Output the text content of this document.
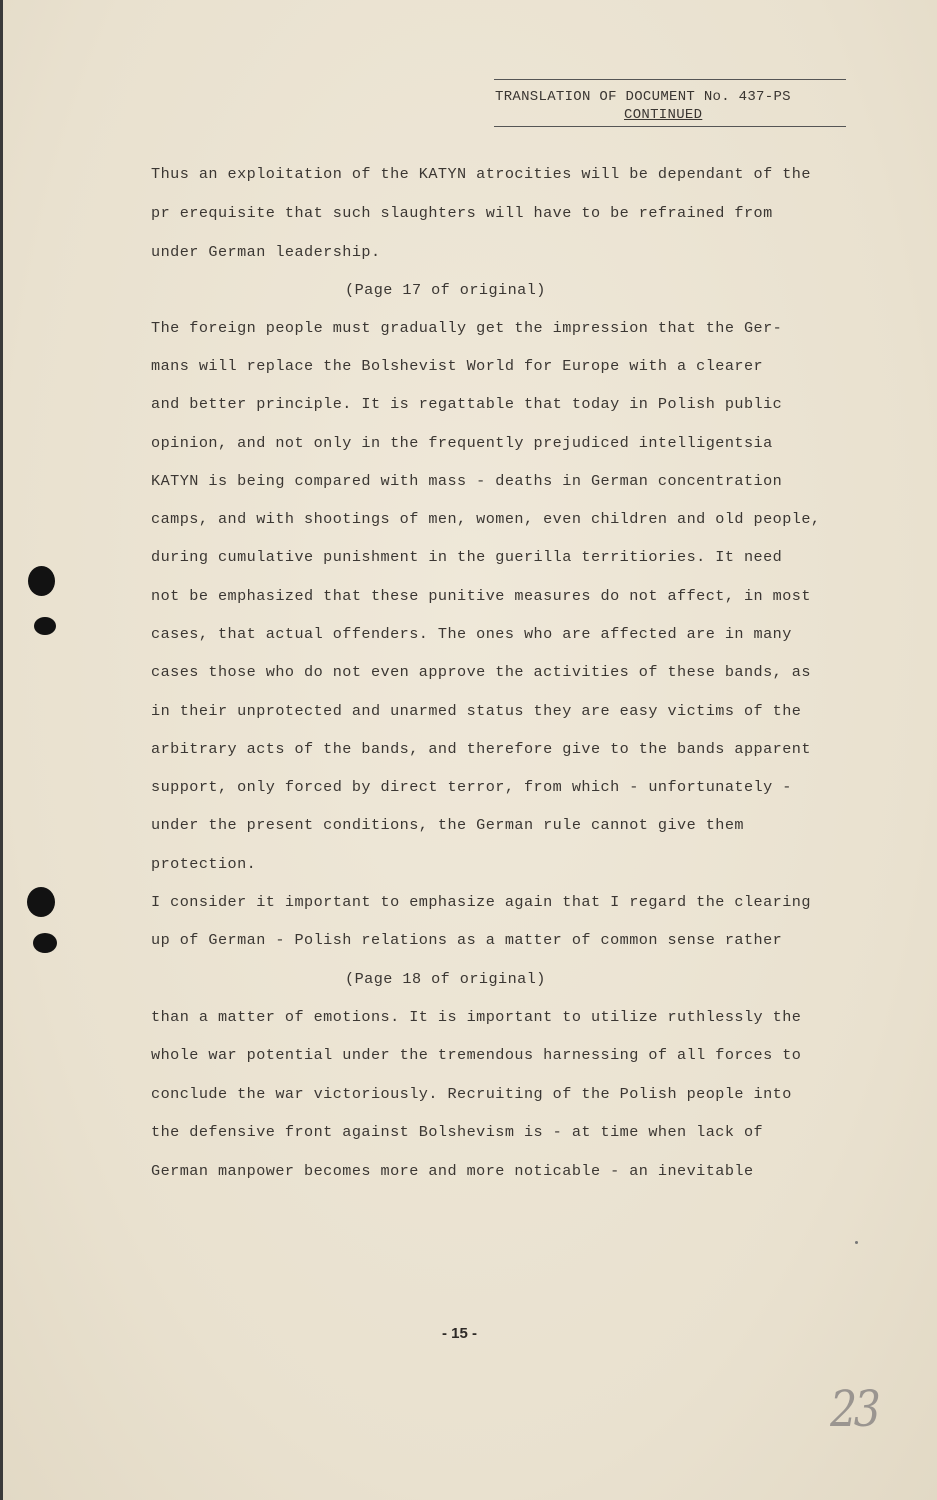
TRANSLATION OF DOCUMENT No. 437-PS
CONTINUED
Thus an exploitation of the KATYN atrocities will be dependant of the
pr erequisite that such slaughters will have to be refrained from
under German leadership.
(Page 17 of original)
The foreign people must gradually get the impression that the Ger-
mans will replace the Bolshevist World for Europe with a clearer
and better principle. It is regattable that today in Polish public
opinion, and not only in the frequently prejudiced intelligentsia
KATYN is being compared with mass - deaths in German concentration
camps, and with shootings of men, women, even children and old people,
during cumulative punishment in the guerilla territiories. It need
not be emphasized that these punitive measures do not affect, in most
cases, that actual offenders. The ones who are affected are in many
cases those who do not even approve the activities of these bands, as
in their unprotected and unarmed status they are easy victims of the
arbitrary acts of the bands, and therefore give to the bands apparent
support, only forced by direct terror, from which - unfortunately -
under the present conditions, the German rule cannot give them
protection.
I consider it important to emphasize again that I regard the clearing
up of German - Polish relations as a matter of common sense rather
(Page 18 of original)
than a matter of emotions. It is important to utilize ruthlessly the
whole war potential under the tremendous harnessing of all forces to
conclude the war victoriously. Recruiting of the Polish people into
the defensive front against Bolshevism is - at time when lack of
German manpower becomes more and more noticable - an inevitable
- 15 -
23
